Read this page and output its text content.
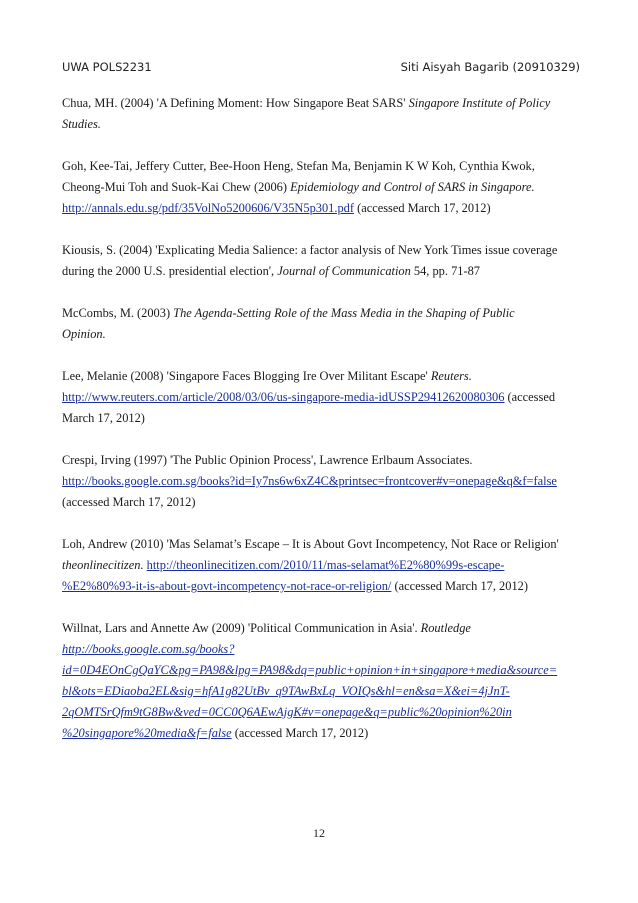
UWA POLS2231	Siti Aisyah Bagarib (20910329)
Chua, MH. (2004) 'A Defining Moment: How Singapore Beat SARS' Singapore Institute of Policy
Studies.
Goh, Kee-Tai, Jeffery Cutter, Bee-Hoon Heng, Stefan Ma, Benjamin K W Koh, Cynthia Kwok,
Cheong-Mui Toh and Suok-Kai Chew (2006) Epidemiology and Control of SARS in Singapore.
http://annals.edu.sg/pdf/35VolNo5200606/V35N5p301.pdf (accessed March 17, 2012)
Kiousis, S. (2004) 'Explicating Media Salience: a factor analysis of New York Times issue coverage
during the 2000 U.S. presidential election', Journal of Communication 54, pp. 71-87
McCombs, M. (2003) The Agenda-Setting Role of the Mass Media in the Shaping of Public
Opinion.
Lee, Melanie (2008) 'Singapore Faces Blogging Ire Over Militant Escape' Reuters.
http://www.reuters.com/article/2008/03/06/us-singapore-media-idUSSP29412620080306 (accessed
March 17, 2012)
Crespi, Irving (1997) 'The Public Opinion Process', Lawrence Erlbaum Associates.
http://books.google.com.sg/books?id=Iy7ns6w6xZ4C&printsec=frontcover#v=onepage&q&f=false
(accessed March 17, 2012)
Loh, Andrew (2010) 'Mas Selamat’s Escape – It is About Govt Incompetency, Not Race or Religion'
theonlinecitizen. http://theonlinecitizen.com/2010/11/mas-selamat%E2%80%99s-escape-
%E2%80%93-it-is-about-govt-incompetency-not-race-or-religion/ (accessed March 17, 2012)
Willnat, Lars and Annette Aw (2009) 'Political Communication in Asia'. Routledge
http://books.google.com.sg/books?
id=0D4EOnCgQaYC&pg=PA98&lpg=PA98&dq=public+opinion+in+singapore+media&source=
bl&ots=EDiaoba2EL&sig=hfA1g82UtBv_q9TAwBxLq_VOIQs&hl=en&sa=X&ei=4jJnT-
2qOMTSrQfm9tG8Bw&ved=0CC0Q6AEwAjgK#v=onepage&q=public%20opinion%20in
%20singapore%20media&f=false (accessed March 17, 2012)
12
